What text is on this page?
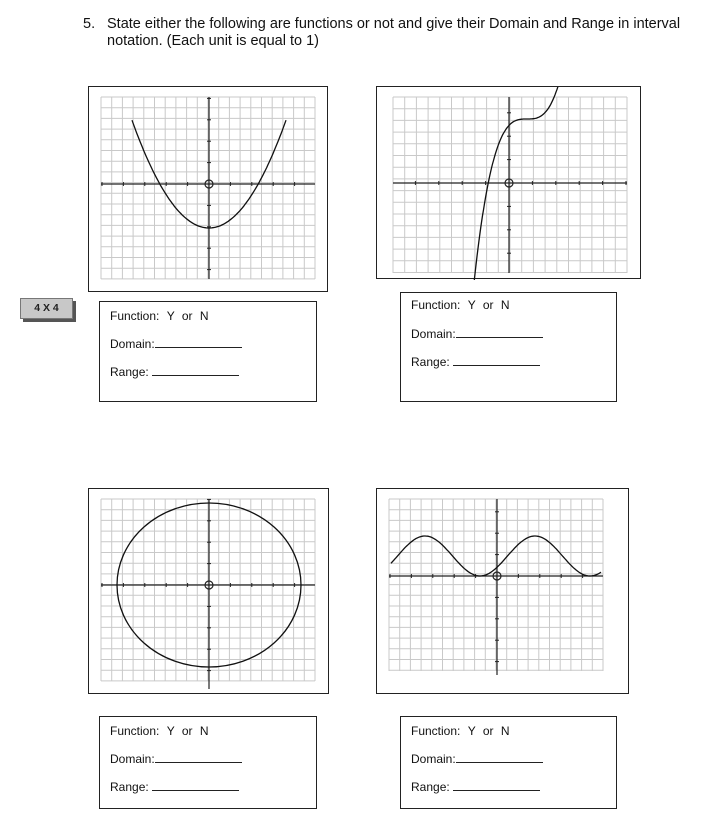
5. State either the following are functions or not and give their Domain and Range in interval notation. (Each unit is equal to 1)
4 X 4
Function: Y or N
Domain:
Range:
Function: Y or N
Domain:
Range:
Function: Y or N
Domain:
Range:
Function: Y or N
Domain:
Range:
